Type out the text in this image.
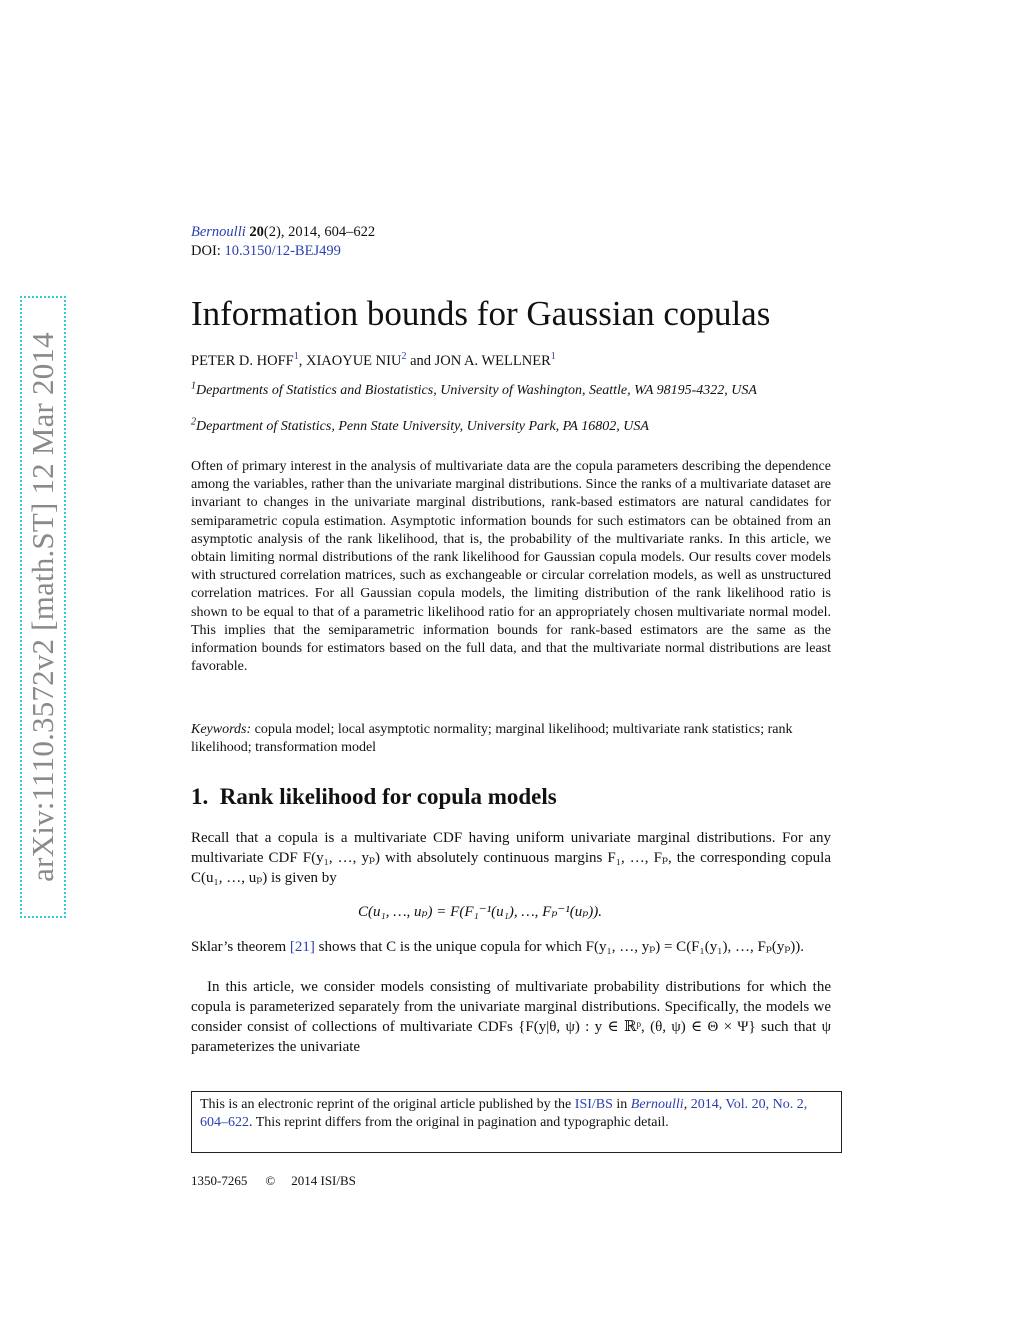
arXiv:1110.3572v2 [math.ST] 12 Mar 2014
Bernoulli 20(2), 2014, 604–622
DOI: 10.3150/12-BEJ499
Information bounds for Gaussian copulas
PETER D. HOFF$^1$, XIAOYUE NIU$^2$ and JON A. WELLNER$^1$
$^1$Departments of Statistics and Biostatistics, University of Washington, Seattle, WA 98195-4322, USA
$^2$Department of Statistics, Penn State University, University Park, PA 16802, USA

Often of primary interest in the analysis of multivariate data are the copula parameters describing the dependence among the variables, rather than the univariate marginal distributions. Since the ranks of a multivariate dataset are invariant to changes in the univariate marginal distributions, rank-based estimators are natural candidates for semiparametric copula estimation. Asymptotic information bounds for such estimators can be obtained from an asymptotic analysis of the rank likelihood, that is, the probability of the multivariate ranks. In this article, we obtain limiting normal distributions of the rank likelihood for Gaussian copula models. Our results cover models with structured correlation matrices, such as exchangeable or circular correlation models, as well as unstructured correlation matrices. For all Gaussian copula models, the limiting distribution of the rank likelihood ratio is shown to be equal to that of a parametric likelihood ratio for an appropriately chosen multivariate normal model. This implies that the semiparametric information bounds for rank-based estimators are the same as the information bounds for estimators based on the full data, and that the multivariate normal distributions are least favorable.

Keywords: copula model; local asymptotic normality; marginal likelihood; multivariate rank statistics; rank likelihood; transformation model

1. Rank likelihood for copula models

Recall that a copula is a multivariate CDF having uniform univariate marginal distributions. For any multivariate CDF F(y₁, …, yₚ) with absolutely continuous margins F₁, …, Fₚ, the corresponding copula C(u₁, …, uₚ) is given by

C(u₁, …, uₚ) = F(F₁⁻¹(u₁), …, Fₚ⁻¹(uₚ)).

Sklar’s theorem [21] shows that C is the unique copula for which F(y₁, …, yₚ) = C(F₁(y₁), …, Fₚ(yₚ)).

In this article, we consider models consisting of multivariate probability distributions for which the copula is parameterized separately from the univariate marginal distributions. Specifically, the models we consider consist of collections of multivariate CDFs {F(y|θ, ψ) : y ∈ ℝᵖ, (θ, ψ) ∈ Θ × Ψ} such that ψ parameterizes the univariate

This is an electronic reprint of the original article published by the ISI/BS in Bernoulli, 2014, Vol. 20, No. 2, 604–622. This reprint differs from the original in pagination and typographic detail.
1350-7265 © 2014 ISI/BS
